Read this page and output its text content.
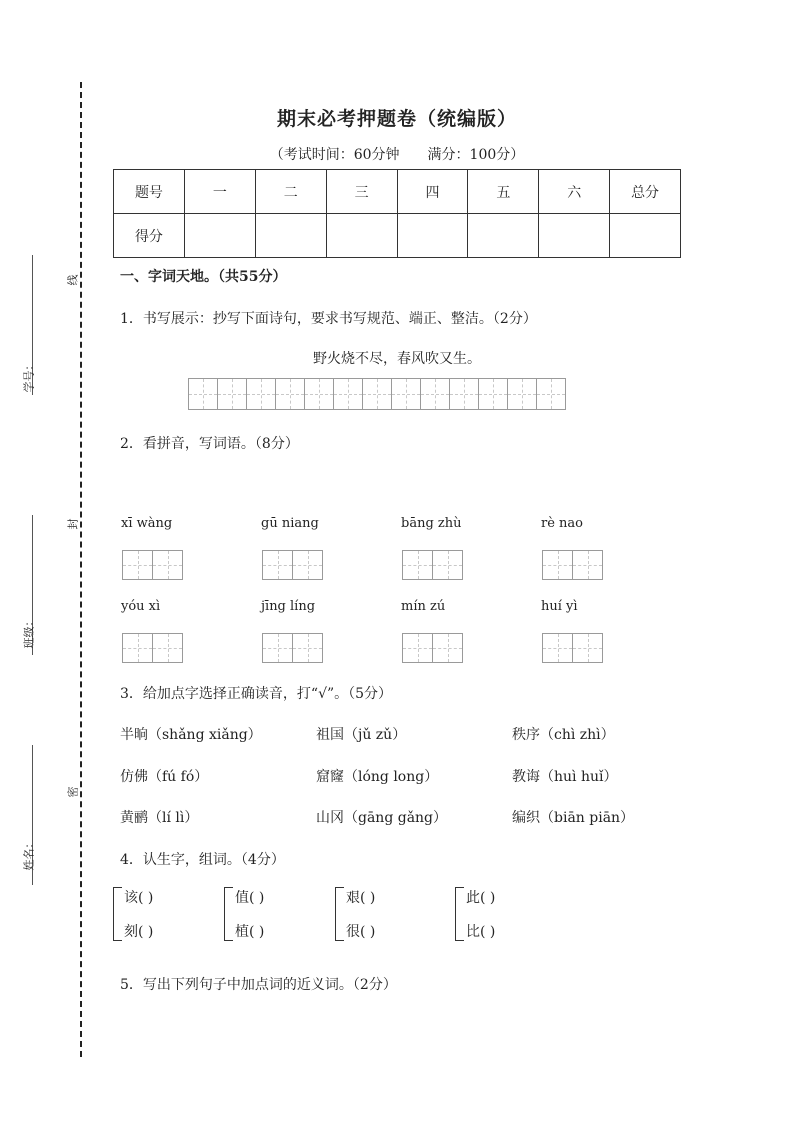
学号：
班级：
姓名：
线
封
密
期末必考押题卷（统编版）
（考试时间：60分钟 满分：100分）
题号	一	二	三	四	五	六	总分
得分							
一、字词天地。（共55分）
1．书写展示：抄写下面诗句，要求书写规范、端正、整洁。（2分）
野火烧不尽，春风吹又生。
2．看拼音，写词语。（8分）
xī wàng	gū niang	bāng zhù	rè nao
yóu xì	jīng líng	mín zú	huí yì
3．给加点字选择正确读音，打“√”。（5分）
半晌（shǎng xiǎng）	祖国（jǔ zǔ）	秩序（chì zhì）
仿佛（fú fó）	窟窿（lóng long）	教诲（huì huǐ）
黄鹂（lí lì）	山冈（gāng gǎng）	编织（biān piān）
4．认生字，组词。（4分）
该( )
刻( )
值( )
植( )
艰( )
很( )
此( )
比( )
5．写出下列句子中加点词的近义词。（2分）
